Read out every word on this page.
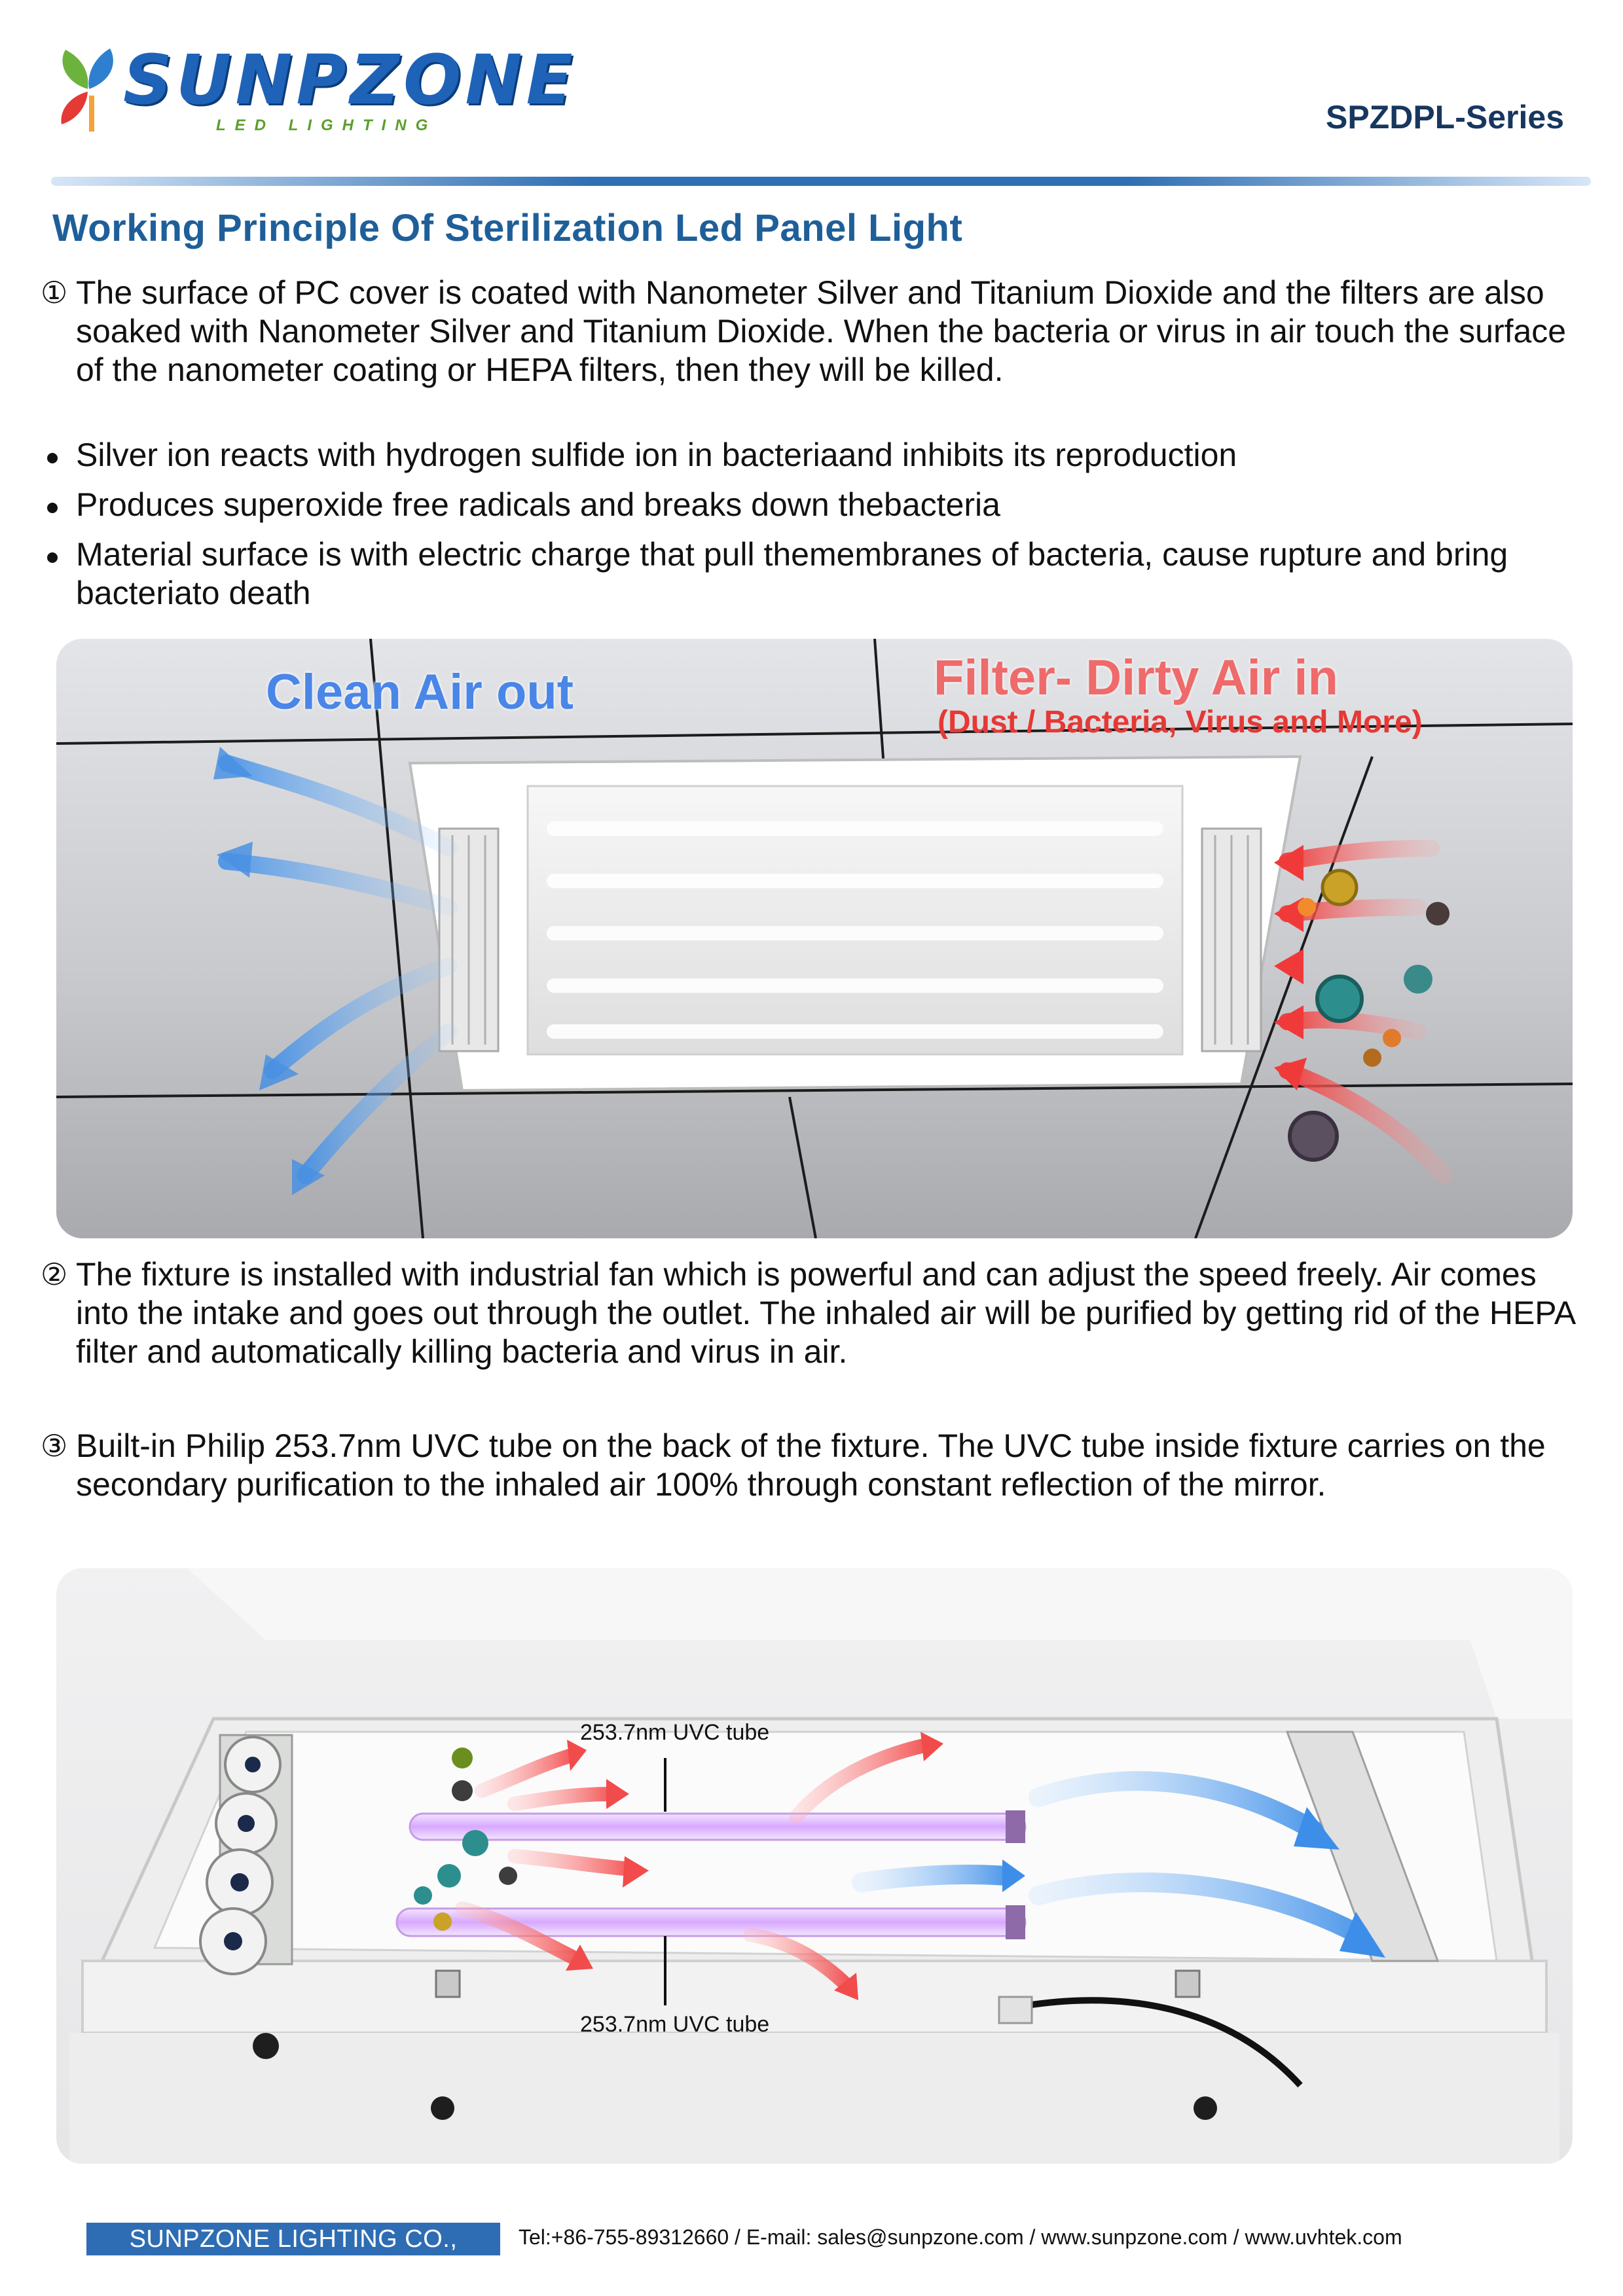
SUNPZONE
LED LIGHTING	SPZDPL-Series
Working Principle Of Sterilization Led Panel Light
① The surface of PC cover is coated with Nanometer Silver and Titanium Dioxide and the filters are also soaked with Nanometer Silver and Titanium Dioxide. When the bacteria or virus in air touch the surface of the nanometer coating or HEPA filters, then they will be killed.
Silver ion reacts with hydrogen sulfide ion in bacteriaand inhibits its reproduction
Produces superoxide free radicals and breaks down thebacteria
Material surface is with electric charge that pull themembranes of bacteria, cause rupture and bring bacteriato death
Clean Air out	Filter- Dirty Air in
(Dust / Bacteria, Virus and More)
② The fixture is installed with industrial fan which is powerful and can adjust the speed freely. Air comes into the intake and goes out through the outlet. The inhaled air will be purified by getting rid of the HEPA filter and automatically killing bacteria and virus in air.
③ Built-in Philip 253.7nm UVC tube on the back of the fixture. The UVC tube inside fixture carries on the secondary purification to the inhaled air 100% through constant reflection of the mirror.
253.7nm UVC tube
253.7nm UVC tube
SUNPZONE LIGHTING CO., LIMITED
Tel:+86-755-89312660 / E-mail: sales@sunpzone.com / www.sunpzone.com / www.uvhtek.com
